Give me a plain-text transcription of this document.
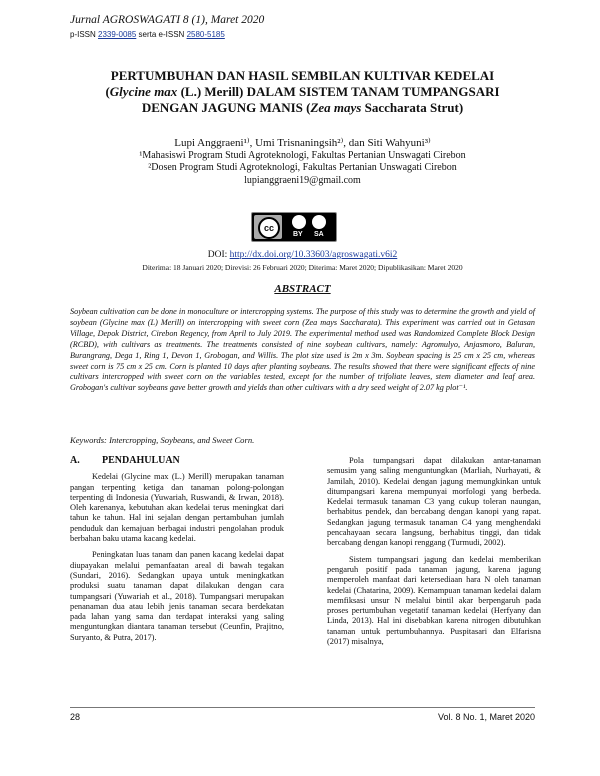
Jurnal AGROSWAGATI 8 (1), Maret 2020
p-ISSN 2339-0085 serta e-ISSN 2580-5185
PERTUMBUHAN DAN HASIL SEMBILAN KULTIVAR KEDELAI
(Glycine max (L.) Merill) DALAM SISTEM TANAM TUMPANGSARI
DENGAN JAGUNG MANIS (Zea mays Saccharata Strut)
Lupi Anggraeni¹⁾, Umi Trisnaningsih²⁾, dan Siti Wahyuni³⁾
¹Mahasiswi Program Studi Agroteknologi, Fakultas Pertanian Unswagati Cirebon
²Dosen Program Studi Agroteknologi, Fakultas Pertanian Unswagati Cirebon
lupianggraeni19@gmail.com
cc
BY SA
DOI: http://dx.doi.org/10.33603/agroswagati.v6i2
Diterima: 18 Januari 2020; Direvisi: 26 Februari 2020; Diterima: Maret 2020; Dipublikasikan: Maret 2020
ABSTRACT
Soybean cultivation can be done in monoculture or intercropping systems. The purpose of this study was to determine the growth and yield of soybean (Glycine max (L) Merill) on intercropping with sweet corn (Zea mays Saccharata). This experiment was carried out in Getasan Village, Depok District, Cirebon Regency, from April to July 2019. The experimental method used was Randomized Complete Block Design (RCBD), with cultivars as treatments. The treatments consisted of nine soybean cultivars, namely: Agromulyo, Anjasmoro, Baluran, Burangrang, Dega 1, Ring 1, Devon 1, Grobogan, and Willis. The plot size used is 2m x 3m. Soybean spacing is 25 cm x 25 cm, whereas sweet corn is 75 cm x 25 cm. Corn is planted 10 days after planting soybeans. The results showed that there were significant effects of nine cultivars intercropped with sweet corn on the variables tested, except for the number of trifoliate leaves, stem diameter and leaf area. Grobogan's cultivar soybeans gave better growth and yields than other cultivars with a dry seed weight of 2.07 kg plot⁻¹.
Keywords: Intercropping, Soybeans, and Sweet Corn.

A. PENDAHULUAN

Kedelai (Glycine max (L.) Merill) merupakan tanaman pangan terpenting ketiga dan tanaman polong-polongan terpenting di Indonesia (Yuwariah, Ruswandi, & Irwan, 2018). Oleh karenanya, kebutuhan akan kedelai terus meningkat dari tahun ke tahun. Hal ini sejalan dengan pertambuhan jumlah penduduk dan kemajuan berbagai industri pengolahan produk berbahan baku utama kacang kedelai.

Peningkatan luas tanam dan panen kacang kedelai dapat diupayakan melalui pemanfaatan areal di bawah tegakan (Sundari, 2016). Sedangkan upaya untuk meningkatkan produksi suatu tanaman dapat dilakukan dengan cara tumpangsari (Yuwariah et al., 2018). Tumpangsari merupakan penanaman dua atau lebih jenis tanaman secara berdekatan pada lahan yang sama dan terdapat interaksi yang saling menguntungkan diantara tanaman tersebut (Ceunfin, Prajitno, Suryanto, & Putra, 2017).

Pola tumpangsari dapat dilakukan antar-tanaman semusim yang saling menguntungkan (Marliah, Nurhayati, & Jamilah, 2010). Kedelai dengan jagung memungkinkan untuk ditumpangsari karena mempunyai morfologi yang berbeda. Kedelai termasuk tanaman C3 yang cukup toleran naungan, berhabitus pendek, dan bercabang dengan kanopi yang rapat. Sedangkan jagung termasuk tanaman C4 yang menghendaki pencahayaan secara langsung, berhabitus tinggi, dan tidak bercabang dengan kanopi renggang (Turmudi, 2002).

Sistem tumpangsari jagung dan kedelai memberikan pengaruh positif pada tanaman jagung, karena jagung memperoleh manfaat dari ketersediaan hara N oleh tanaman kedelai (Chatarina, 2009). Kemampuan tanaman kedelai dalam memfiksasi unsur N melalui bintil akar berpengaruh pada proses pertumbuhan vegetatif tanaman kedelai (Herfyany dan Linda, 2013). Hal ini disebabkan karena nitrogen dibutuhkan tanaman untuk pertumbuhannya. Puspitasari dan Elfarisna (2017) misalnya,

28	Vol. 8 No. 1, Maret 2020
